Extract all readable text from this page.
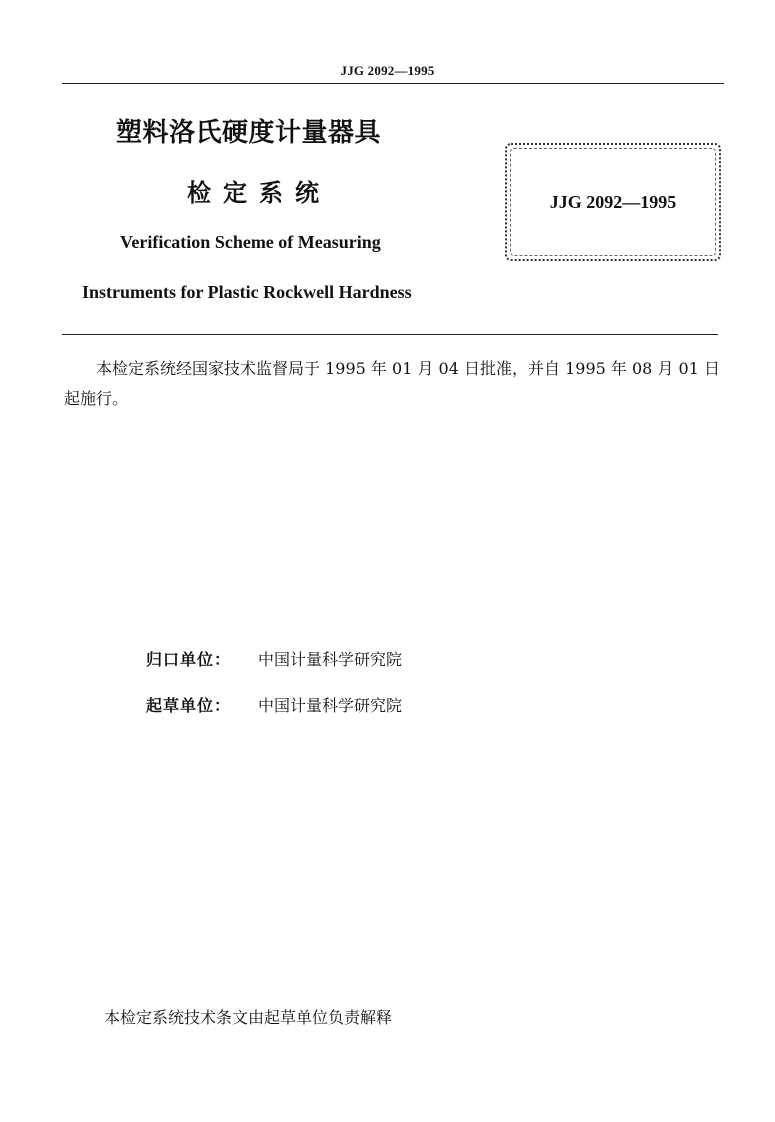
JJG 2092—1995
塑料洛氏硬度计量器具
检定系统
Verification Scheme of Measuring
Instruments for Plastic Rockwell Hardness
JJG 2092—1995

本检定系统经国家技术监督局于 1995 年 01 月 04 日批准，并自 1995 年 08 月 01 日起施行。

归口单位：	中国计量科学研究院
起草单位：	中国计量科学研究院
本检定系统技术条文由起草单位负责解释
